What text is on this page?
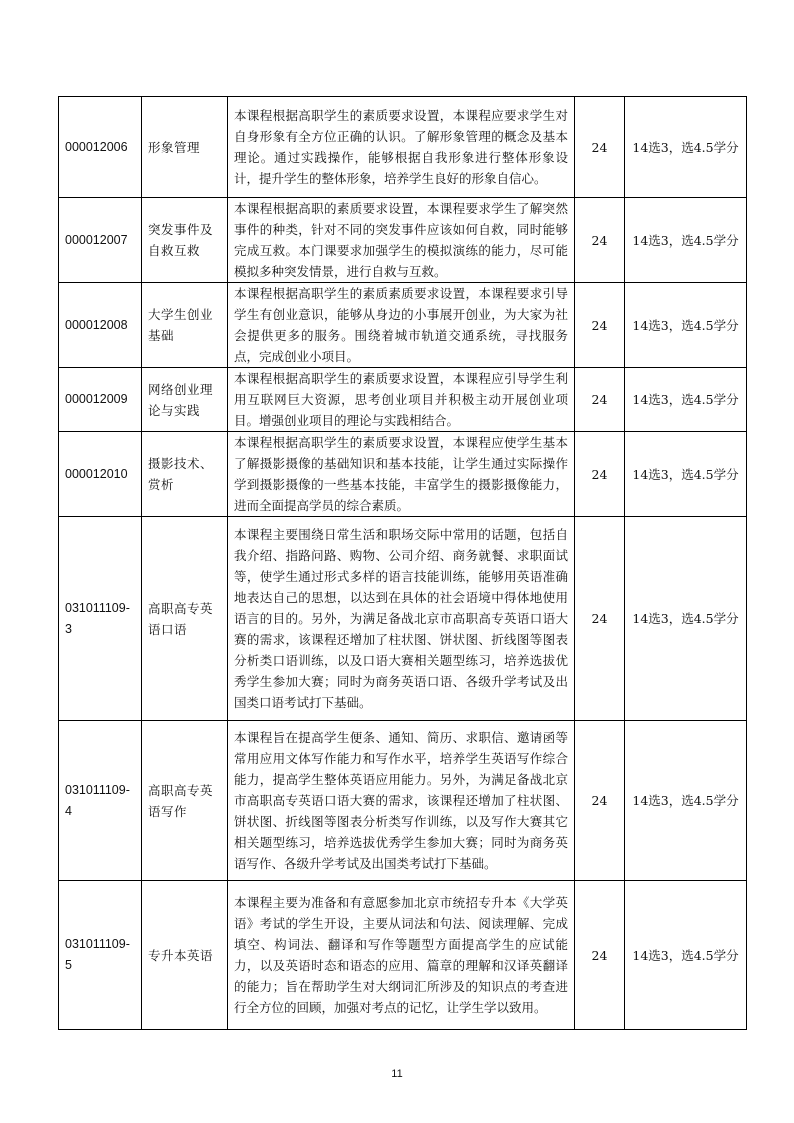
000012006	形象管理	本课程根据高职学生的素质要求设置，本课程应要求学生对自身形象有全方位正确的认识。了解形象管理的概念及基本理论。通过实践操作，能够根据自我形象进行整体形象设计，提升学生的整体形象，培养学生良好的形象自信心。	24	14选3，选4.5学分
000012007	突发事件及自救互救	本课程根据高职的素质要求设置，本课程要求学生了解突然事件的种类，针对不同的突发事件应该如何自救，同时能够完成互救。本门课要求加强学生的模拟演练的能力，尽可能模拟多种突发情景，进行自救与互救。	24	14选3，选4.5学分
000012008	大学生创业基础	本课程根据高职学生的素质素质要求设置，本课程要求引导学生有创业意识，能够从身边的小事展开创业，为大家为社会提供更多的服务。围绕着城市轨道交通系统，寻找服务点，完成创业小项目。	24	14选3，选4.5学分
000012009	网络创业理论与实践	本课程根据高职学生的素质要求设置，本课程应引导学生利用互联网巨大资源，思考创业项目并积极主动开展创业项目。增强创业项目的理论与实践相结合。	24	14选3，选4.5学分
000012010	摄影技术、赏析	本课程根据高职学生的素质要求设置，本课程应使学生基本了解摄影摄像的基础知识和基本技能，让学生通过实际操作学到摄影摄像的一些基本技能，丰富学生的摄影摄像能力，进而全面提高学员的综合素质。	24	14选3，选4.5学分
031011109-3	高职高专英语口语	本课程主要围绕日常生活和职场交际中常用的话题，包括自我介绍、指路问路、购物、公司介绍、商务就餐、求职面试等，使学生通过形式多样的语言技能训练，能够用英语准确地表达自己的思想，以达到在具体的社会语境中得体地使用语言的目的。另外，为满足备战北京市高职高专英语口语大赛的需求，该课程还增加了柱状图、饼状图、折线图等图表分析类口语训练，以及口语大赛相关题型练习，培养选拔优秀学生参加大赛；同时为商务英语口语、各级升学考试及出国类口语考试打下基础。	24	14选3，选4.5学分
031011109-4	高职高专英语写作	本课程旨在提高学生便条、通知、简历、求职信、邀请函等常用应用文体写作能力和写作水平，培养学生英语写作综合能力，提高学生整体英语应用能力。另外，为满足备战北京市高职高专英语口语大赛的需求，该课程还增加了柱状图、饼状图、折线图等图表分析类写作训练，以及写作大赛其它相关题型练习，培养选拔优秀学生参加大赛；同时为商务英语写作、各级升学考试及出国类考试打下基础。	24	14选3，选4.5学分
031011109-5	专升本英语	本课程主要为准备和有意愿参加北京市统招专升本《大学英语》考试的学生开设，主要从词法和句法、阅读理解、完成填空、构词法、翻译和写作等题型方面提高学生的应试能力，以及英语时态和语态的应用、篇章的理解和汉译英翻译的能力；旨在帮助学生对大纲词汇所涉及的知识点的考查进行全方位的回顾，加强对考点的记忆，让学生学以致用。	24	14选3，选4.5学分
11
